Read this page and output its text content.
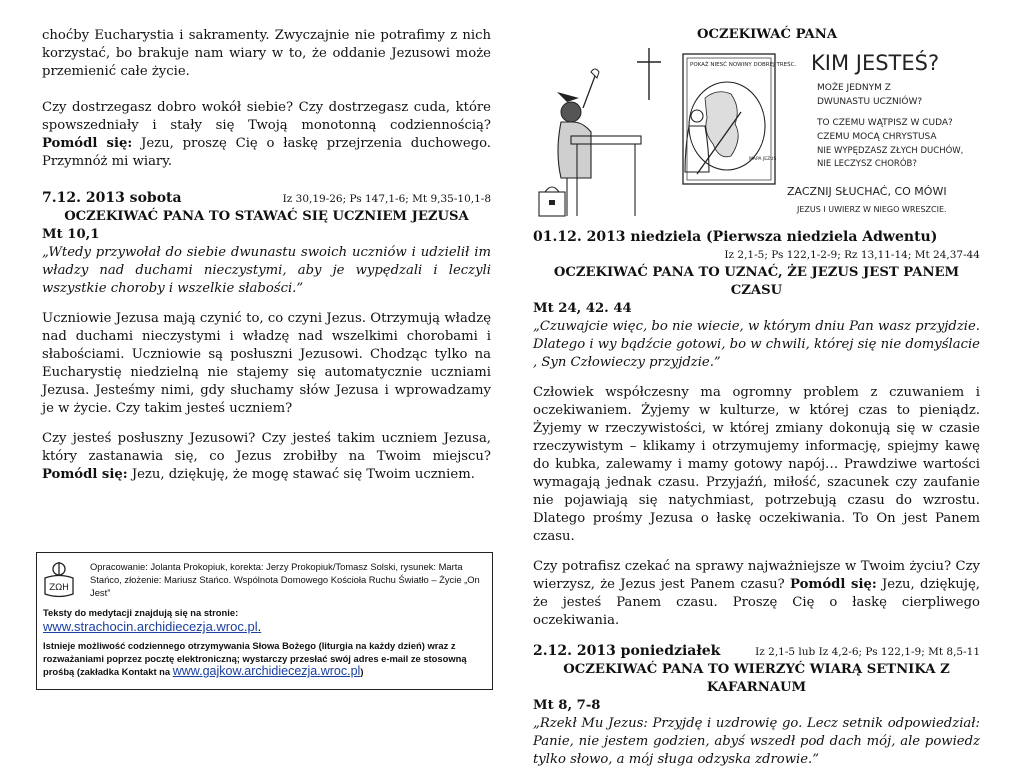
choćby Eucharystia i sakramenty. Zwyczajnie nie potrafimy z nich korzystać, bo brakuje nam wiary w to, że oddanie Jezusowi może przemienić całe życie.

Czy dostrzegasz dobro wokół siebie? Czy dostrzegasz cuda, które spowszedniały i stały się Twoją monotonną codziennością? Pomódl się: Jezu, proszę Cię o łaskę przejrzenia duchowego. Przymnóż mi wiary.

7.12. 2013 sobota	Iz 30,19-26; Ps 147,1-6; Mt 9,35-10,1-8
OCZEKIWAĆ PANA TO STAWAĆ SIĘ UCZNIEM JEZUSA
Mt 10,1
„Wtedy przywołał do siebie dwunastu swoich uczniów i udzielił im władzy nad duchami nieczystymi, aby je wypędzali i leczyli wszystkie choroby i wszelkie słabości.”

Uczniowie Jezusa mają czynić to, co czyni Jezus. Otrzymują władzę nad duchami nieczystymi i władzę nad wszelkimi chorobami i słabościami. Uczniowie są posłuszni Jezusowi. Chodząc tylko na Eucharystię niedzielną nie stajemy się automatycznie uczniami Jezusa. Jesteśmy nimi, gdy słuchamy słów Jezusa i wprowadzamy je w życie. Czy takim jesteś uczniem?

Czy jesteś posłuszny Jezusowi? Czy jesteś takim uczniem Jezusa, który zastanawia się, co Jezus zrobiłby na Twoim miejscu? Pomódl się: Jezu, dziękuję, że mogę stawać się Twoim uczniem.

ΖΩΗ
Opracowanie: Jolanta Prokopiuk, korekta: Jerzy Prokopiuk/Tomasz Solski, rysunek: Marta Stańco, złożenie: Mariusz Stańco. Wspólnota Domowego Kościoła Ruchu Światło – Życie „On Jest”
Teksty do medytacji znajdują się na stronie:
www.strachocin.archidiecezja.wroc.pl.
Istnieje możliwość codziennego otrzymywania Słowa Bożego (liturgia na każdy dzień) wraz z rozważaniami poprzez pocztę elektroniczną; wystarczy przesłać swój adres e-mail ze stosowną prośbą (zakładka Kontakt na www.gajkow.archidiecezja.wroc.pl)
OCZEKIWAĆ PANA
POKAŻ NIESĆ NOWINY DOBREJ TREŚC.
MAPA JEZUS
KIM JESTEŚ?
MOŻE JEDNYM Z
DWUNASTU UCZNIÓW?
TO CZEMU WĄTPISZ W CUDA?
CZEMU MOCĄ CHRYSTUSA
NIE WYPĘDZASZ ZŁYCH DUCHÓW,
NIE LECZYSZ CHORÓB?
ZACZNIJ SŁUCHAĆ, CO MÓWI
JEZUS I UWIERZ W NIEGO WRESZCIE.
01.12. 2013 niedziela (Pierwsza niedziela Adwentu)
Iz 2,1-5; Ps 122,1-2-9; Rz 13,11-14; Mt 24,37-44
OCZEKIWAĆ PANA TO UZNAĆ, ŻE JEZUS JEST PANEM CZASU
Mt 24, 42. 44
„Czuwajcie więc, bo nie wiecie, w którym dniu Pan wasz przyjdzie. Dlatego i wy bądźcie gotowi, bo w chwili, której się nie domyślacie , Syn Człowieczy przyjdzie.”

Człowiek współczesny ma ogromny problem z czuwaniem i oczekiwaniem. Żyjemy w kulturze, w której czas to pieniądz. Żyjemy w rzeczywistości, w której zmiany dokonują się w czasie rzeczywistym – klikamy i otrzymujemy informację, spiejmy kawę do kubka, zalewamy i mamy gotowy napój… Prawdziwe wartości wymagają jednak czasu. Przyjaźń, miłość, szacunek czy zaufanie nie pojawiają się natychmiast, potrzebują czasu do wzrostu. Dlatego prośmy Jezusa o łaskę oczekiwania. To On jest Panem czasu.

Czy potrafisz czekać na sprawy najważniejsze w Twoim życiu? Czy wierzysz, że Jezus jest Panem czasu? Pomódl się: Jezu, dziękuję, że jesteś Panem czasu. Proszę Cię o łaskę cierpliwego oczekiwania.

2.12. 2013 poniedziałek	Iz 2,1-5 lub Iz 4,2-6; Ps 122,1-9; Mt 8,5-11
OCZEKIWAĆ PANA TO WIERZYĆ WIARĄ SETNIKA Z KAFARNAUM
Mt 8, 7-8
„Rzekł Mu Jezus: Przyjdę i uzdrowię go. Lecz setnik odpowiedział: Panie, nie jestem godzien, abyś wszedł pod dach mój, ale powiedz tylko słowo, a mój sługa odzyska zdrowie.”
